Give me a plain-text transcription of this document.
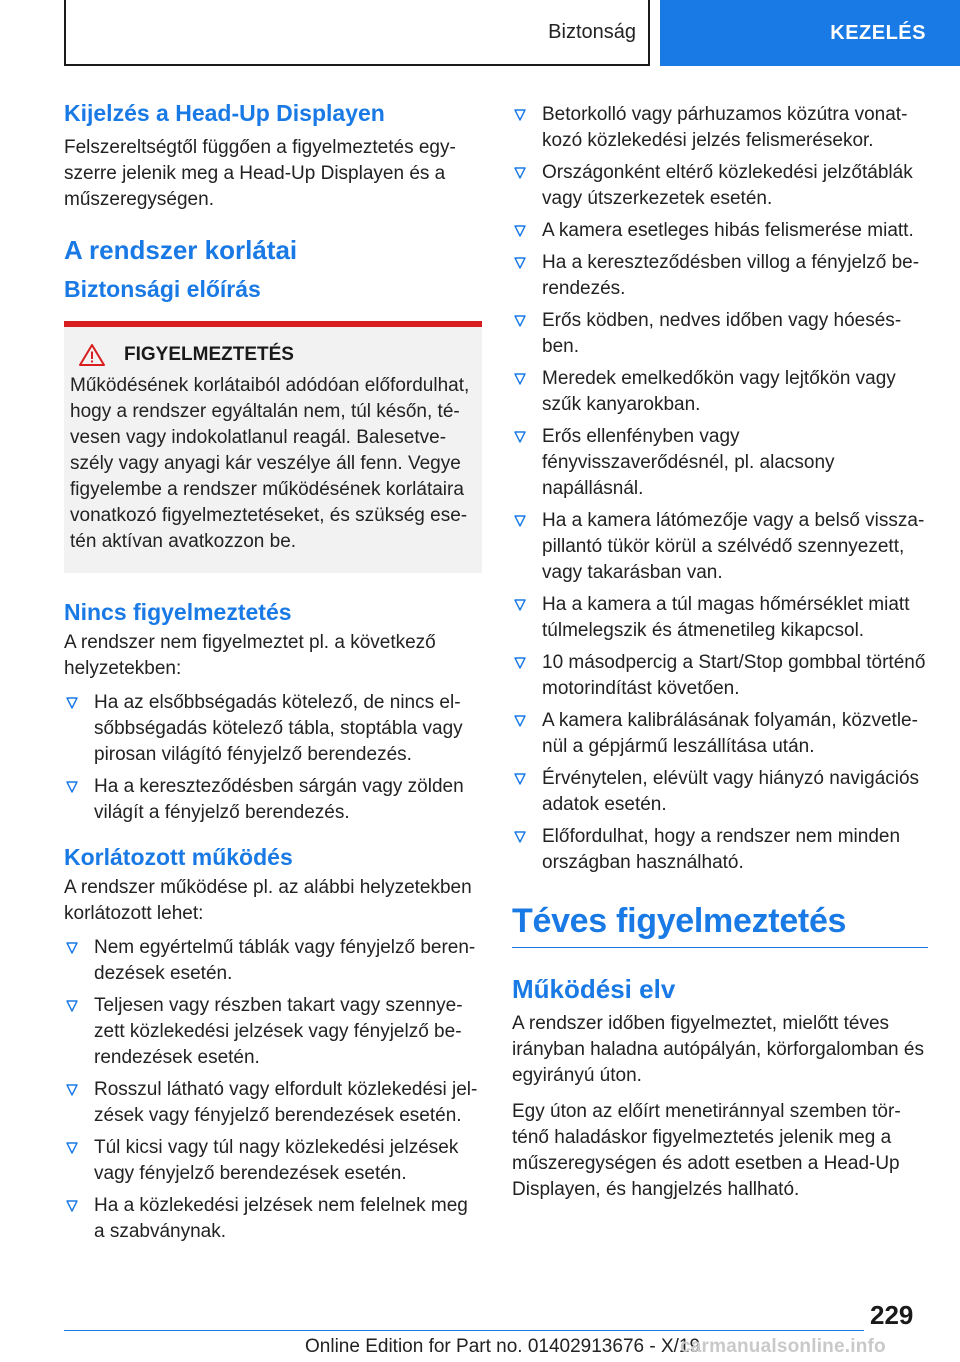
Biztonság	KEZELÉS
Kijelzés a Head-Up Displayen

Felszereltségtől függően a figyelmeztetés egyszerre jelenik meg a Head-Up Displayen és a műszeregységen.

A rendszer korlátai
Biztonsági előírás
FIGYELMEZTETÉS
Működésének korlátaiból adódóan előfordulhat, hogy a rendszer egyáltalán nem, túl későn, tévesen vagy indokolatlanul reagál. Balesetveszély vagy anyagi kár veszélye áll fenn. Vegye figyelembe a rendszer működésének korlátaira vonatkozó figyelmeztetéseket, és szükség esetén aktívan avatkozzon be.
Nincs figyelmeztetés

A rendszer nem figyelmeztet pl. a következő helyzetekben:

Ha az elsőbbségadás kötelező, de nincs elsőbbségadás kötelező tábla, stoptábla vagy pirosan világító fényjelző berendezés.
Ha a kereszteződésben sárgán vagy zölden világít a fényjelző berendezés.
Korlátozott működés

A rendszer működése pl. az alábbi helyzetekben korlátozott lehet:

Nem egyértelmű táblák vagy fényjelző berendezések esetén.
Teljesen vagy részben takart vagy szennyezett közlekedési jelzések vagy fényjelző berendezések esetén.
Rosszul látható vagy elfordult közlekedési jelzések vagy fényjelző berendezések esetén.
Túl kicsi vagy túl nagy közlekedési jelzések vagy fényjelző berendezések esetén.
Ha a közlekedési jelzések nem felelnek meg a szabványnak.
Betorkolló vagy párhuzamos közútra vonatkozó közlekedési jelzés felismerésekor.
Országonként eltérő közlekedési jelzőtáblák vagy útszerkezetek esetén.
A kamera esetleges hibás felismerése miatt.
Ha a kereszteződésben villog a fényjelző berendezés.
Erős ködben, nedves időben vagy hóesésben.
Meredek emelkedőkön vagy lejtőkön vagy szűk kanyarokban.
Erős ellenfényben vagy fényvisszaverődésnél, pl. alacsony napállásnál.
Ha a kamera látómezője vagy a belső visszapillantó tükör körül a szélvédő szennyezett, vagy takarásban van.
Ha a kamera a túl magas hőmérséklet miatt túlmelegszik és átmenetileg kikapcsol.
10 másodpercig a Start/Stop gombbal történő motorindítást követően.
A kamera kalibrálásának folyamán, közvetlenül a gépjármű leszállítása után.
Érvénytelen, elévült vagy hiányzó navigációs adatok esetén.
Előfordulhat, hogy a rendszer nem minden országban használható.
Téves figyelmeztetés
Működési elv

A rendszer időben figyelmeztet, mielőtt téves irányban haladna autópályán, körforgalomban és egyirányú úton.

Egy úton az előírt menetiránnyal szemben történő haladáskor figyelmeztetés jelenik meg a műszeregységen és adott esetben a Head-Up Displayen, és hangjelzés hallható.

229
Online Edition for Part no. 01402913676 - X/19
carmanualsonline.info
